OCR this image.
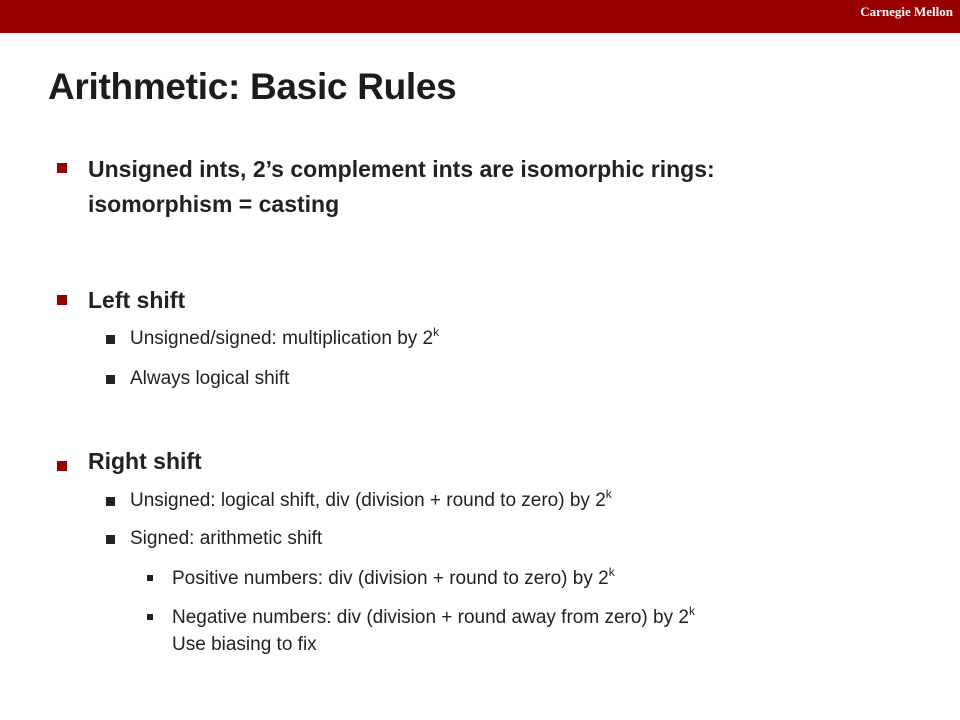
Carnegie Mellon
Arithmetic: Basic Rules
Unsigned ints, 2’s complement ints are isomorphic rings:
isomorphism = casting
Left shift
Unsigned/signed: multiplication by 2$^k$
Always logical shift
Right shift
Unsigned: logical shift, div (division + round to zero) by 2$^k$
Signed: arithmetic shift
Positive numbers: div (division + round to zero) by 2$^k$
Negative numbers: div (division + round away from zero) by 2$^k$
Use biasing to fix
